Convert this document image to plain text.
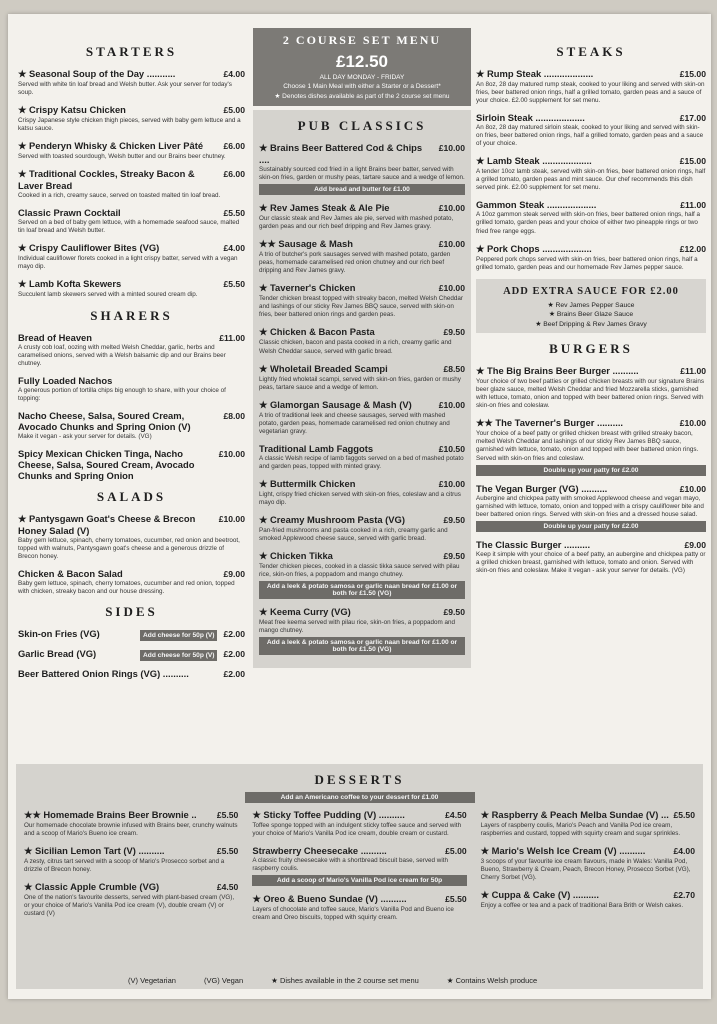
STARTERS
★ Seasonal Soup of the Day ...........	£4.00
Served with white tin loaf bread and Welsh butter. Ask your server for today's soup.
★ Crispy Katsu Chicken	£5.00
Crispy Japanese style chicken thigh pieces, served with baby gem lettuce and a katsu sauce.
★ Penderyn Whisky & Chicken Liver Pâté	£6.00
Served with toasted sourdough, Welsh butter and our Brains beer chutney.
★ Traditional Cockles, Streaky Bacon & Laver Bread
£6.00
Cooked in a rich, creamy sauce, served on toasted malted tin loaf bread.
Classic Prawn Cocktail	£5.50
Served on a bed of baby gem lettuce, with a homemade seafood sauce, malted tin loaf bread and Welsh butter.
★ Crispy Cauliflower Bites (VG)	£4.00
Individual cauliflower florets cooked in a light crispy batter, served with a vegan mayo dip.
★ Lamb Kofta Skewers	£5.50
Succulent lamb skewers served with a minted soured cream dip.
SHARERS
Bread of Heaven	£11.00
A crusty cob loaf, oozing with melted Welsh Cheddar, garlic, herbs and caramelised onions, served with a Welsh balsamic dip and our Brains beer chutney.
Fully Loaded Nachos
A generous portion of tortilla chips big enough to share, with your choice of topping:
Nacho Cheese, Salsa, Soured Cream, Avocado Chunks and Spring Onion (V)
£8.00
Make it vegan - ask your server for details. (VG)
Spicy Mexican Chicken Tinga, Nacho Cheese, Salsa, Soured Cream, Avocado Chunks and Spring Onion
£10.00
SALADS
★ Pantysgawn Goat's Cheese & Brecon Honey Salad (V)
£10.00
Baby gem lettuce, spinach, cherry tomatoes, cucumber, red onion and beetroot, topped with walnuts, Pantysgawn goat's cheese and a generous drizzle of Brecon honey.
Chicken & Bacon Salad	£9.00
Baby gem lettuce, spinach, cherry tomatoes, cucumber and red onion, topped with chicken, streaky bacon and our house dressing.
SIDES
Skin-on Fries (VG)	Add cheese for 50p (V)	£2.00
Garlic Bread (VG)	Add cheese for 50p (V)	£2.00
Beer Battered Onion Rings (VG) ..........	£2.00
2 COURSE SET MENU
£12.50
ALL DAY MONDAY - FRIDAY
Choose 1 Main Meal with either a Starter or a Dessert*
★ Denotes dishes available as part of the 2 course set menu
PUB CLASSICS
★ Brains Beer Battered Cod & Chips ....
£10.00
Sustainably sourced cod fried in a light Brains beer batter, served with skin-on fries, garden or mushy peas, tartare sauce and a wedge of lemon.
Add bread and butter for £1.00
★ Rev James Steak & Ale Pie	£10.00
Our classic steak and Rev James ale pie, served with mashed potato, garden peas and our rich beef dripping and Rev James gravy.
★★ Sausage & Mash	£10.00
A trio of butcher's pork sausages served with mashed potato, garden peas, homemade caramelised red onion chutney and our rich beef dripping and Rev James gravy.
★ Taverner's Chicken	£10.00
Tender chicken breast topped with streaky bacon, melted Welsh Cheddar and lashings of our sticky Rev James BBQ sauce, served with skin-on fries, beer battered onion rings and garden peas.
★ Chicken & Bacon Pasta	£9.50
Classic chicken, bacon and pasta cooked in a rich, creamy garlic and Welsh Cheddar sauce, served with garlic bread.
★ Wholetail Breaded Scampi	£8.50
Lightly fried wholetail scampi, served with skin-on fries, garden or mushy peas, tartare sauce and a wedge of lemon.
★ Glamorgan Sausage & Mash (V)	£10.00
A trio of traditional leek and cheese sausages, served with mashed potato, garden peas, homemade caramelised red onion chutney and vegetarian gravy.
Traditional Lamb Faggots	£10.50
A classic Welsh recipe of lamb faggots served on a bed of mashed potato and garden peas, topped with minted gravy.
★ Buttermilk Chicken	£10.00
Light, crispy fried chicken served with skin-on fries, coleslaw and a citrus mayo dip.
★ Creamy Mushroom Pasta (VG)	£9.50
Pan-fried mushrooms and pasta cooked in a rich, creamy garlic and smoked Applewood cheese sauce, served with garlic bread.
★ Chicken Tikka	£9.50
Tender chicken pieces, cooked in a classic tikka sauce served with pilau rice, skin-on fries, a poppadom and mango chutney.
Add a leek & potato samosa or garlic naan bread for £1.00 or both for £1.50 (VG)
★ Keema Curry (VG)	£9.50
Meat free keema served with pilau rice, skin-on fries, a poppadom and mango chutney.
Add a leek & potato samosa or garlic naan bread for £1.00 or both for £1.50 (VG)
STEAKS
★ Rump Steak ...................	£15.00
An 8oz, 28 day matured rump steak, cooked to your liking and served with skin-on fries, beer battered onion rings, half a grilled tomato, garden peas and a sauce of your choice. £2.00 supplement for set menu.
Sirloin Steak ...................	£17.00
An 8oz, 28 day matured sirloin steak, cooked to your liking and served with skin-on fries, beer battered onion rings, half a grilled tomato, garden peas and a sauce of your choice.
★ Lamb Steak ...................	£15.00
A tender 10oz lamb steak, served with skin-on fries, beer battered onion rings, half a grilled tomato, garden peas and mint sauce. Our chef recommends this dish served pink. £2.00 supplement for set menu.
Gammon Steak ...................	£11.00
A 10oz gammon steak served with skin-on fries, beer battered onion rings, half a grilled tomato, garden peas and your choice of either two pineapple rings or two fried free range eggs.
★ Pork Chops ...................	£12.00
Peppered pork chops served with skin-on fries, beer battered onion rings, half a grilled tomato, garden peas and our homemade Rev James pepper sauce.
ADD EXTRA SAUCE FOR £2.00
★ Rev James Pepper Sauce
★ Brains Beer Glaze Sauce
★ Beef Dripping & Rev James Gravy
BURGERS
★ The Big Brains Beer Burger ..........	£11.00
Your choice of two beef patties or grilled chicken breasts with our signature Brains beer glaze sauce, melted Welsh Cheddar and fried Mozzarella sticks, garnished with lettuce, tomato, onion and topped with beer battered onion rings. Served with skin-on fries and coleslaw.
★★ The Taverner's Burger ..........	£10.00
Your choice of a beef patty or grilled chicken breast with grilled streaky bacon, melted Welsh Cheddar and lashings of our sticky Rev James BBQ sauce, garnished with lettuce, tomato, onion and topped with beer battered onion rings. Served with skin-on fries and coleslaw.
Double up your patty for £2.00
The Vegan Burger (VG) ..........	£10.00
Aubergine and chickpea patty with smoked Applewood cheese and vegan mayo, garnished with lettuce, tomato, onion and topped with a crispy cauliflower bite and beer battered onion rings. Served with skin-on fries and a dressed house salad.
Double up your patty for £2.00
The Classic Burger ..........	£9.00
Keep it simple with your choice of a beef patty, an aubergine and chickpea patty or a grilled chicken breast, garnished with lettuce, tomato and onion. Served with skin-on fries and coleslaw. Make it vegan - ask your server for details. (VG)
DESSERTS
Add an Americano coffee to your dessert for £1.00
★★ Homemade Brains Beer Brownie ..	£5.50
Our homemade chocolate brownie infused with Brains beer, crunchy walnuts and a scoop of Mario's Bueno ice cream.
★ Sicilian Lemon Tart (V) ..........	£5.50
A zesty, citrus tart served with a scoop of Mario's Prosecco sorbet and a drizzle of Brecon honey.
★ Classic Apple Crumble (VG)	£4.50
One of the nation's favourite desserts, served with plant-based cream (VG), or your choice of Mario's Vanilla Pod ice cream (V), double cream (V) or custard (V)
★ Sticky Toffee Pudding (V) ..........	£4.50
Toffee sponge topped with an indulgent sticky toffee sauce and served with your choice of Mario's Vanilla Pod ice cream, double cream or custard.
Strawberry Cheesecake ..........	£5.00
A classic fruity cheesecake with a shortbread biscuit base, served with raspberry coulis.
Add a scoop of Mario's Vanilla Pod ice cream for 50p
★ Oreo & Bueno Sundae (V) ..........	£5.50
Layers of chocolate and toffee sauce, Mario's Vanilla Pod and Bueno ice cream and Oreo biscuits, topped with squirty cream.
★ Raspberry & Peach Melba Sundae (V) ... £5.50
Layers of raspberry coulis, Mario's Peach and Vanilla Pod ice cream, raspberries and custard, topped with squirty cream and sugar sprinkles.
★ Mario's Welsh Ice Cream (V) ..........	£4.00
3 scoops of your favourite ice cream flavours, made in Wales: Vanilla Pod, Bueno, Strawberry & Cream, Peach, Brecon Honey, Prosecco Sorbet (VG), Cherry Sorbet (VG).
★ Cuppa & Cake (V) ..........	£2.70
Enjoy a coffee or tea and a pack of traditional Bara Brith or Welsh cakes.
(V) Vegetarian	(VG) Vegan	★ Dishes available in the 2 course set menu	★ Contains Welsh produce
